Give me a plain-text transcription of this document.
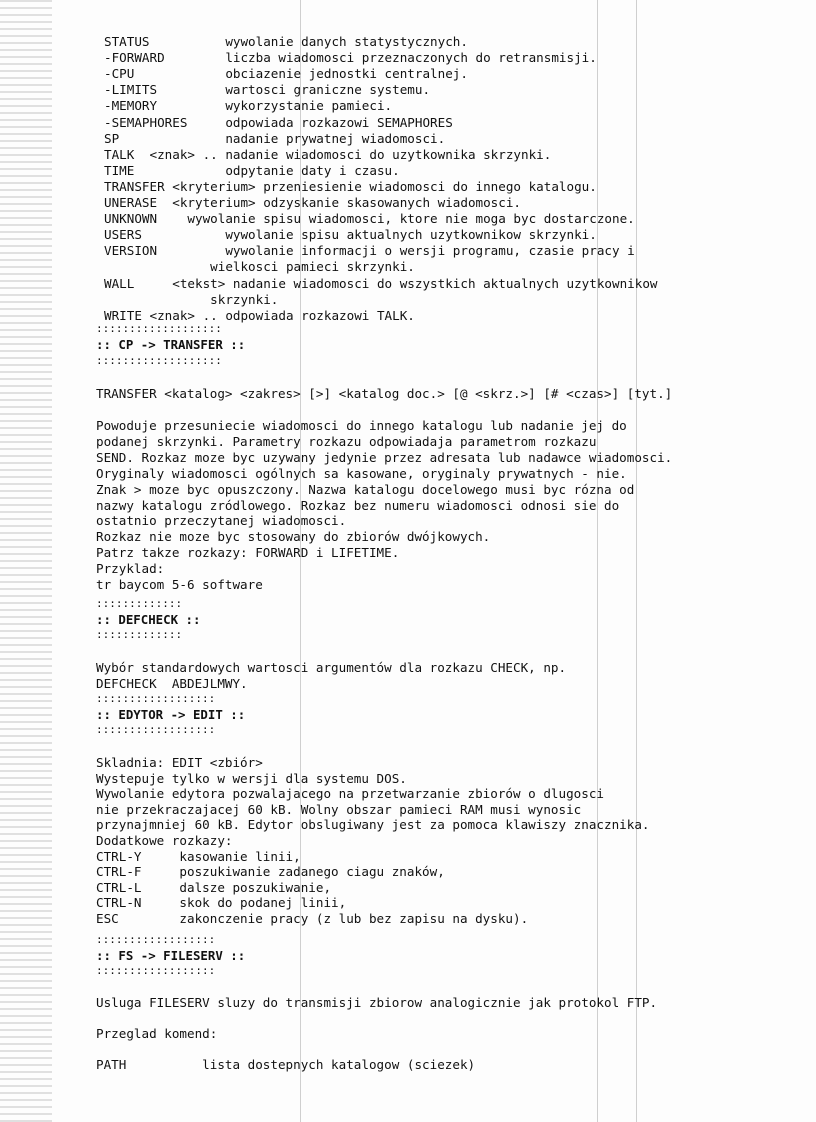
STATUS          wywolanie danych statystycznych.
-FORWARD        liczba wiadomosci przeznaczonych do retransmisji.
-CPU            obciazenie jednostki centralnej.
-LIMITS         wartosci graniczne systemu.
-MEMORY         wykorzystanie pamieci.
-SEMAPHORES     odpowiada rozkazowi SEMAPHORES
SP              nadanie prywatnej wiadomosci.
TALK  <znak> .. nadanie wiadomosci do uzytkownika skrzynki.
TIME            odpytanie daty i czasu.
TRANSFER <kryterium> przeniesienie wiadomosci do innego katalogu.
UNERASE  <kryterium> odzyskanie skasowanych wiadomosci.
UNKNOWN    wywolanie spisu wiadomosci, ktore nie moga byc dostarczone.
USERS           wywolanie spisu aktualnych uzytkownikow skrzynki.
VERSION         wywolanie informacji o wersji programu, czasie pracy i
wielkosci pamieci skrzynki.
WALL     <tekst> nadanie wiadomosci do wszystkich aktualnych uzytkownikow
skrzynki.
WRITE <znak> .. odpowiada rozkazowi TALK.
:::::::::::::::::::
:: CP -> TRANSFER ::
:::::::::::::::::::
TRANSFER <katalog> <zakres> [>] <katalog doc.> [@ <skrz.>] [# <czas>] [tyt.]
Powoduje przesuniecie wiadomosci do innego katalogu lub nadanie jej do
podanej skrzynki. Parametry rozkazu odpowiadaja parametrom rozkazu
SEND. Rozkaz moze byc uzywany jedynie przez adresata lub nadawce wiadomosci.
Oryginaly wiadomosci ogólnych sa kasowane, oryginaly prywatnych - nie.
Znak > moze byc opuszczony. Nazwa katalogu docelowego musi byc rózna od
nazwy katalogu zródlowego. Rozkaz bez numeru wiadomosci odnosi sie do
ostatnio przeczytanej wiadomosci.
Rozkaz nie moze byc stosowany do zbiorów dwójkowych.
Patrz takze rozkazy: FORWARD i LIFETIME.
Przyklad:
tr baycom 5-6 software
:::::::::::::
:: DEFCHECK ::
:::::::::::::
Wybór standardowych wartosci argumentów dla rozkazu CHECK, np.
DEFCHECK  ABDEJLMWY.
::::::::::::::::::
:: EDYTOR -> EDIT ::
::::::::::::::::::
Skladnia: EDIT <zbiór>
Wystepuje tylko w wersji dla systemu DOS.
Wywolanie edytora pozwalajacego na przetwarzanie zbiorów o dlugosci
nie przekraczajacej 60 kB. Wolny obszar pamieci RAM musi wynosic
przynajmniej 60 kB. Edytor obslugiwany jest za pomoca klawiszy znacznika.
Dodatkowe rozkazy:
CTRL-Y     kasowanie linii,
CTRL-F     poszukiwanie zadanego ciagu znaków,
CTRL-L     dalsze poszukiwanie,
CTRL-N     skok do podanej linii,
ESC        zakonczenie pracy (z lub bez zapisu na dysku).
::::::::::::::::::
:: FS -> FILESERV ::
::::::::::::::::::
Usluga FILESERV sluzy do transmisji zbiorow analogicznie jak protokol FTP.
Przeglad komend:
PATH          lista dostepnych katalogow (sciezek)
